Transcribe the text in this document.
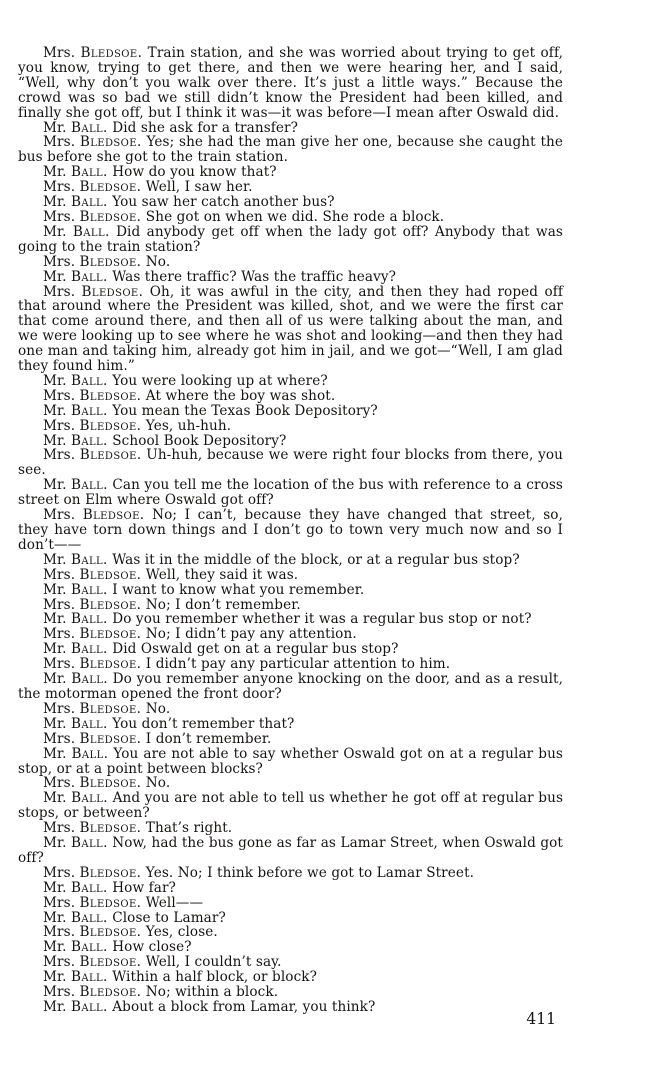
Mrs. Bledsoe. Train station, and she was worried about trying to get off, you know, trying to get there, and then we were hearing her, and I said, “Well, why don’t you walk over there. It’s just a little ways.” Because the crowd was so bad we still didn’t know the President had been killed, and finally she got off, but I think it was—it was before—I mean after Oswald did.

Mr. Ball. Did she ask for a transfer?

Mrs. Bledsoe. Yes; she had the man give her one, because she caught the bus before she got to the train station.

Mr. Ball. How do you know that?

Mrs. Bledsoe. Well, I saw her.

Mr. Ball. You saw her catch another bus?

Mrs. Bledsoe. She got on when we did. She rode a block.

Mr. Ball. Did anybody get off when the lady got off? Anybody that was going to the train station?

Mrs. Bledsoe. No.

Mr. Ball. Was there traffic? Was the traffic heavy?

Mrs. Bledsoe. Oh, it was awful in the city, and then they had roped off that around where the President was killed, shot, and we were the first car that come around there, and then all of us were talking about the man, and we were looking up to see where he was shot and looking—and then they had one man and taking him, already got him in jail, and we got—“Well, I am glad they found him.”

Mr. Ball. You were looking up at where?

Mrs. Bledsoe. At where the boy was shot.

Mr. Ball. You mean the Texas Book Depository?

Mrs. Bledsoe. Yes, uh-huh.

Mr. Ball. School Book Depository?

Mrs. Bledsoe. Uh-huh, because we were right four blocks from there, you see.

Mr. Ball. Can you tell me the location of the bus with reference to a cross street on Elm where Oswald got off?

Mrs. Bledsoe. No; I can’t, because they have changed that street, so, they have torn down things and I don’t go to town very much now and so I don’t——

Mr. Ball. Was it in the middle of the block, or at a regular bus stop?

Mrs. Bledsoe. Well, they said it was.

Mr. Ball. I want to know what you remember.

Mrs. Bledsoe. No; I don’t remember.

Mr. Ball. Do you remember whether it was a regular bus stop or not?

Mrs. Bledsoe. No; I didn’t pay any attention.

Mr. Ball. Did Oswald get on at a regular bus stop?

Mrs. Bledsoe. I didn’t pay any particular attention to him.

Mr. Ball. Do you remember anyone knocking on the door, and as a result, the motorman opened the front door?

Mrs. Bledsoe. No.

Mr. Ball. You don’t remember that?

Mrs. Bledsoe. I don’t remember.

Mr. Ball. You are not able to say whether Oswald got on at a regular bus stop, or at a point between blocks?

Mrs. Bledsoe. No.

Mr. Ball. And you are not able to tell us whether he got off at regular bus stops, or between?

Mrs. Bledsoe. That’s right.

Mr. Ball. Now, had the bus gone as far as Lamar Street, when Oswald got off?

Mrs. Bledsoe. Yes. No; I think before we got to Lamar Street.

Mr. Ball. How far?

Mrs. Bledsoe. Well——

Mr. Ball. Close to Lamar?

Mrs. Bledsoe. Yes, close.

Mr. Ball. How close?

Mrs. Bledsoe. Well, I couldn’t say.

Mr. Ball. Within a half block, or block?

Mrs. Bledsoe. No; within a block.

Mr. Ball. About a block from Lamar, you think?

411
